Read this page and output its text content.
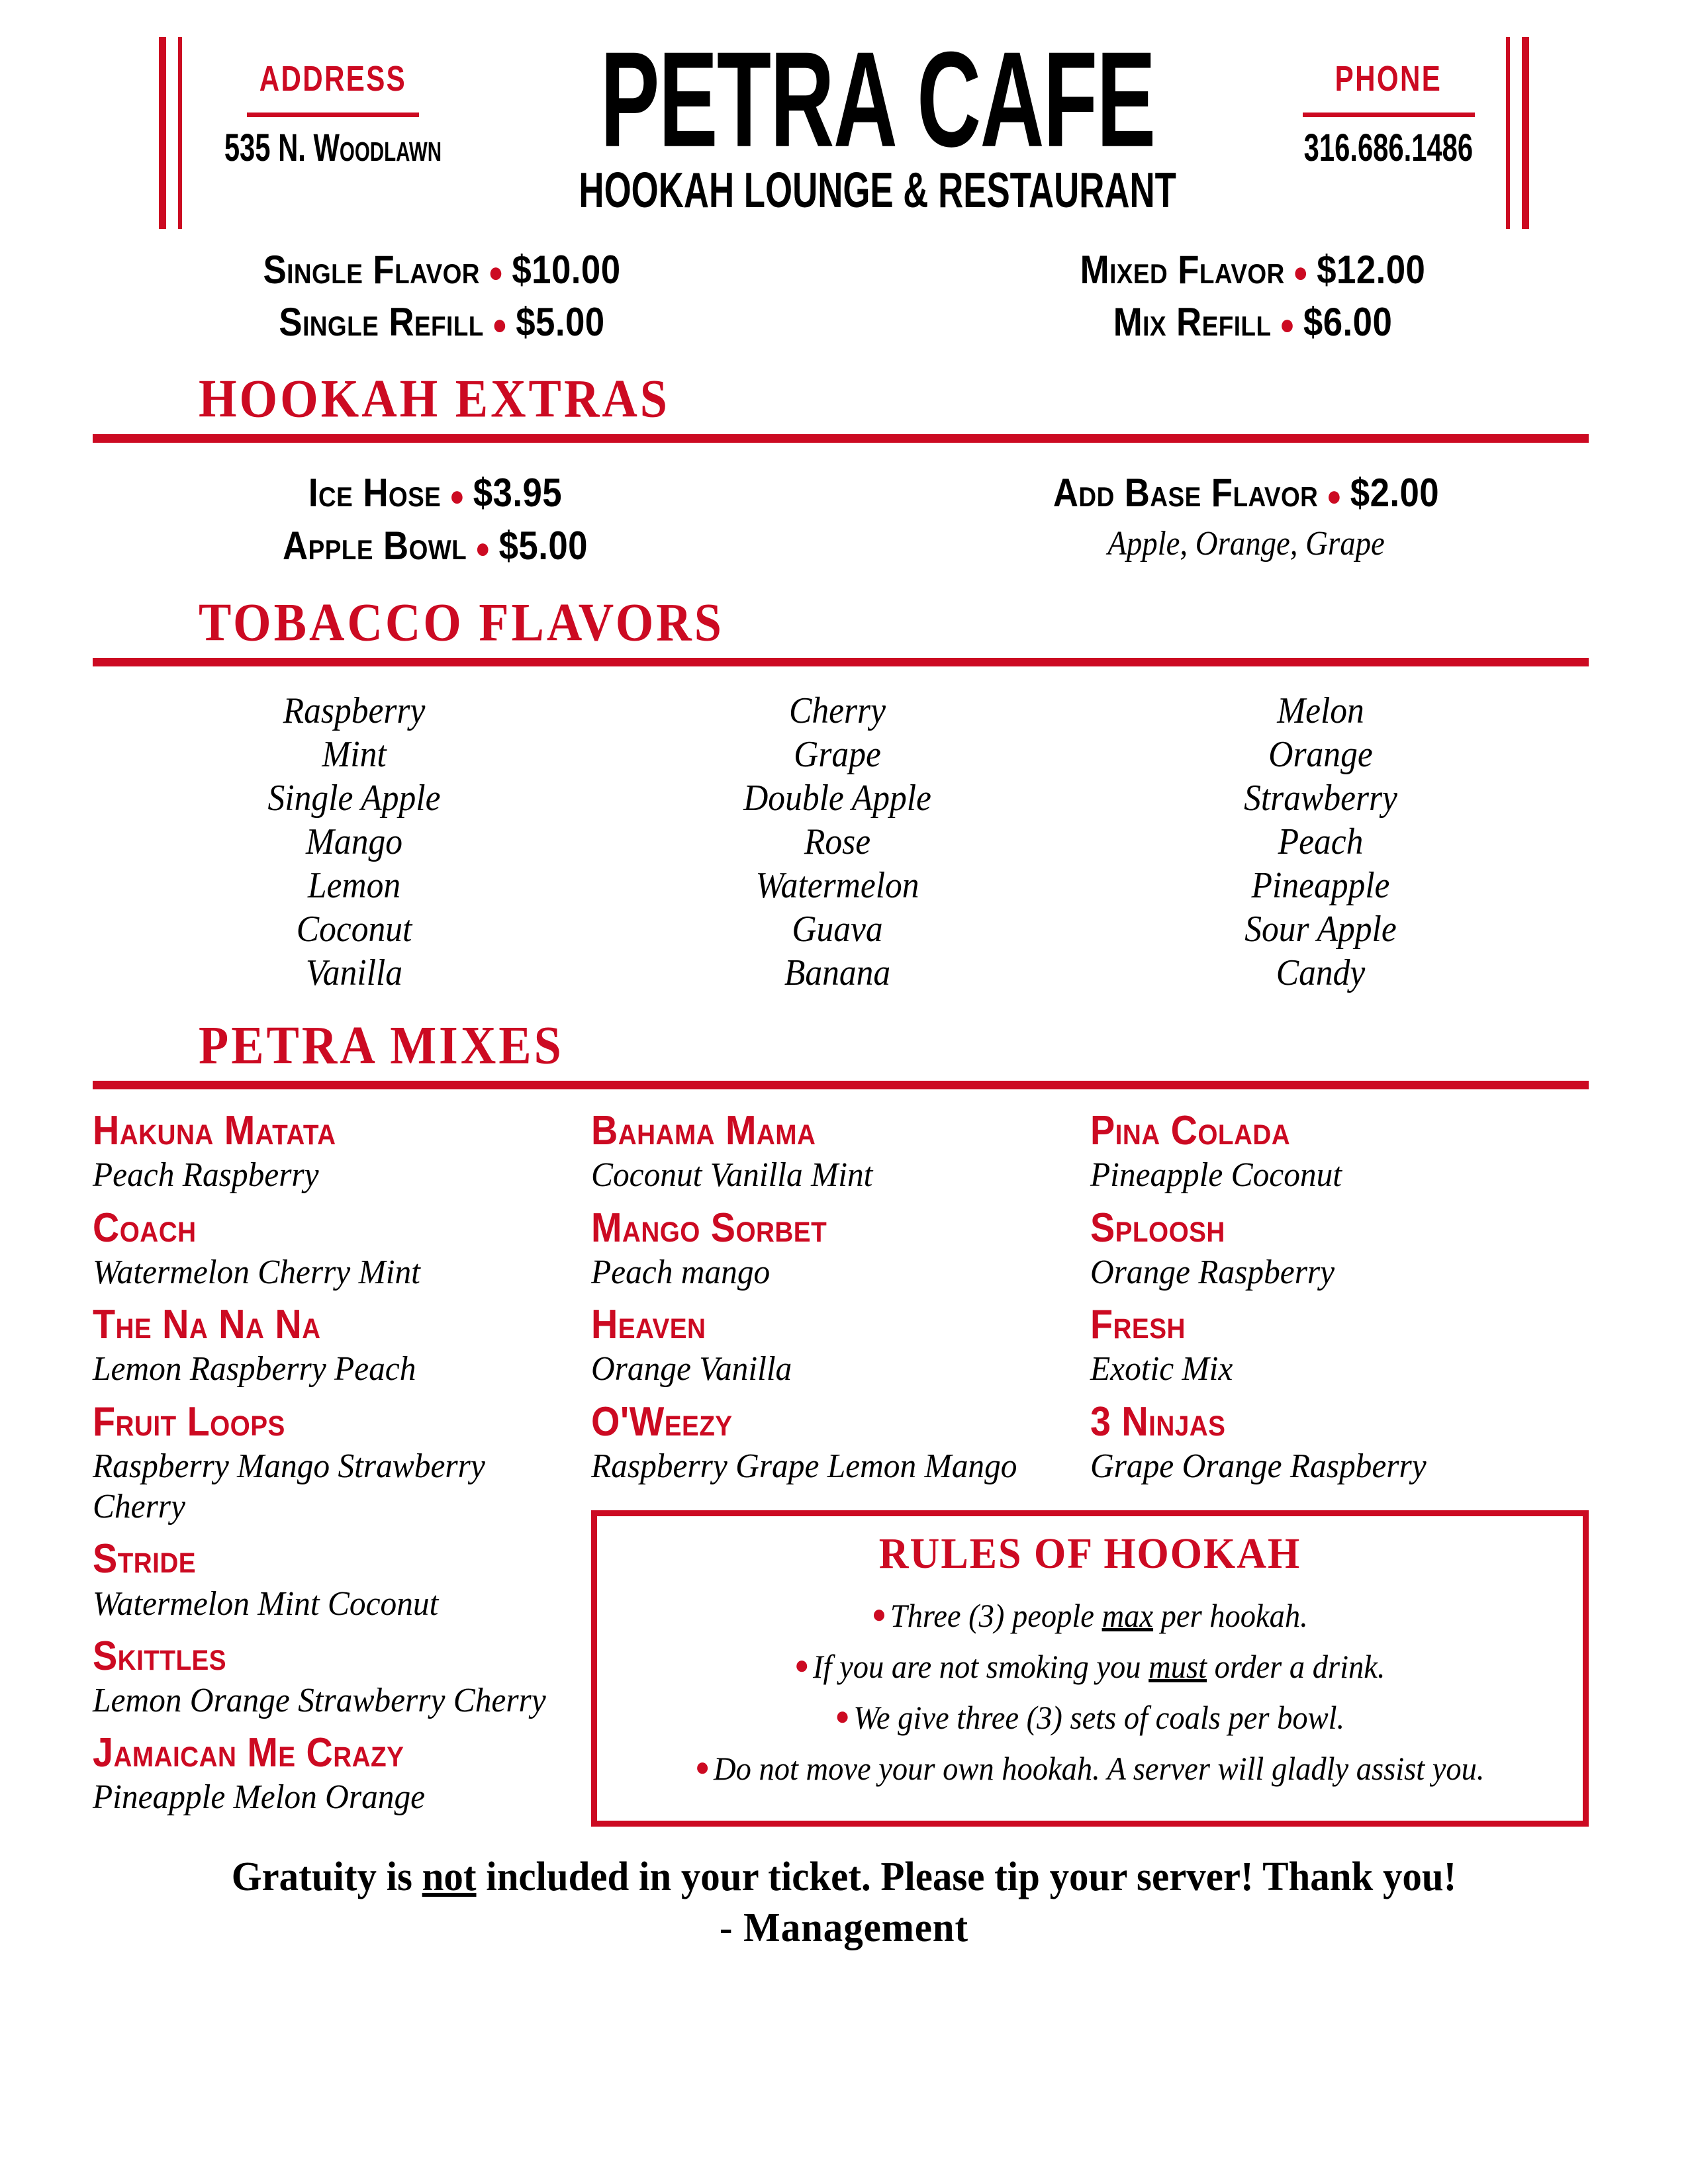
ADDRESS
535 N. Woodlawn PETRA CAFE
HOOKAH LOUNGE & RESTAURANT
PHONE
316.686.1486
Single Flavor ● $10.00
Single Refill ● $5.00
Mixed Flavor ● $12.00
Mix Refill ● $6.00
HOOKAH EXTRAS
Ice Hose ● $3.95
Apple Bowl ● $5.00
Add Base Flavor ● $2.00
Apple, Orange, Grape
TOBACCO FLAVORS
Raspberry
Mint
Single Apple
Mango
Lemon
Coconut
Vanilla
Cherry
Grape
Double Apple
Rose
Watermelon
Guava
Banana
Melon
Orange
Strawberry
Peach
Pineapple
Sour Apple
Candy
PETRA MIXES
Hakuna Matata
Peach Raspberry
Coach
Watermelon Cherry Mint
The Na Na Na
Lemon Raspberry Peach
Fruit Loops
Raspberry Mango Strawberry Cherry
Stride
Watermelon Mint Coconut
Skittles
Lemon Orange Strawberry Cherry
Jamaican Me Crazy
Pineapple Melon Orange
Bahama Mama
Coconut Vanilla Mint
Mango Sorbet
Peach mango
Heaven
Orange Vanilla
O'Weezy
Raspberry Grape Lemon Mango
Pina Colada
Pineapple Coconut
Sploosh
Orange Raspberry
Fresh
Exotic Mix
3 Ninjas
Grape Orange Raspberry
RULES OF HOOKAH
● Three (3) people max per hookah.
● If you are not smoking you must order a drink.
● We give three (3) sets of coals per bowl.
● Do not move your own hookah. A server will gladly assist you.
Gratuity is not included in your ticket. Please tip your server! Thank you!
- Management
